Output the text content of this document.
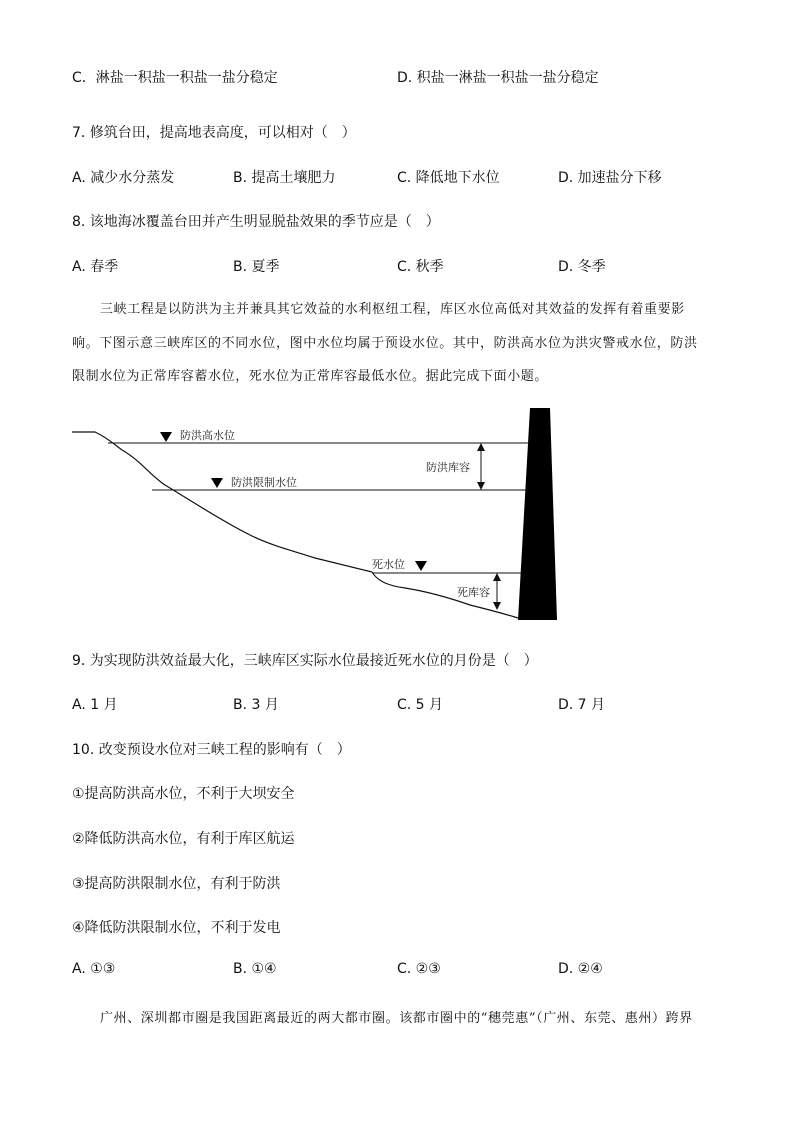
C．淋盐一积盐一积盐一盐分稳定	D. 积盐一淋盐一积盐一盐分稳定
7. 修筑台田，提高地表高度，可以相对（　）
A. 减少水分蒸发	B. 提高土壤肥力	C. 降低地下水位	D. 加速盐分下移
8. 该地海冰覆盖台田并产生明显脱盐效果的季节应是（　）
A. 春季	B. 夏季	C. 秋季	D. 冬季
三峡工程是以防洪为主并兼具其它效益的水利枢纽工程，库区水位高低对其效益的发挥有着重要影
响。下图示意三峡库区的不同水位，图中水位均属于预设水位。其中，防洪高水位为洪灾警戒水位，防洪
限制水位为正常库容蓄水位，死水位为正常库容最低水位。据此完成下面小题。
防洪高水位
防洪限制水位
防洪库容
死水位
死库容
9. 为实现防洪效益最大化，三峡库区实际水位最接近死水位的月份是（　）
A. 1 月	B. 3 月	C. 5 月	D. 7 月
10. 改变预设水位对三峡工程的影响有（　）
①提高防洪高水位，不利于大坝安全
②降低防洪高水位，有利于库区航运
③提高防洪限制水位，有利于防洪
④降低防洪限制水位，不利于发电
A. ①③	B. ①④	C. ②③	D. ②④
广州、深圳都市圈是我国距离最近的两大都市圈。该都市圈中的“穗莞惠”（广州、东莞、惠州）跨界
